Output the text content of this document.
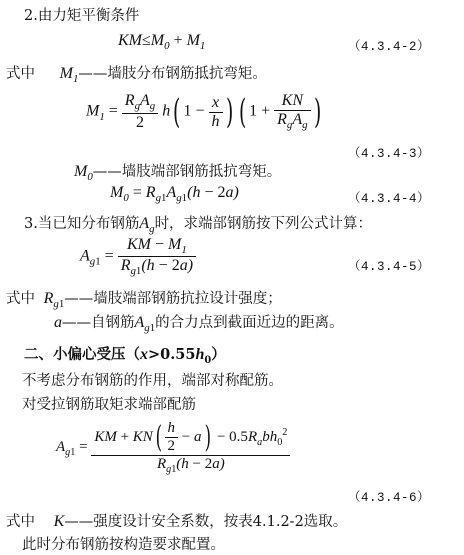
2.由力矩平衡条件
$KM\le M_0 + M_1$	（4.3.4-2）
式中 $M_1——$墙肢分布钢筋抵抗弯矩。
$M_1 = \frac{R_gA_g}{2} h$( $1 - \frac{x}{h}$ ) ( $1 + \frac{KN}{R_gA_g}$ )
（4.3.4-3）
$M_0——$墙肢端部钢筋抵抗弯矩。
$M_0 = R_{g1}A_{g1}(h - 2a)$	（4.3.4-4）
3.当已知分布钢筋$A_g$时，求端部钢筋按下列公式计算：
$A_{g1} = \frac{KM - M_1}{R_{g1}(h - 2a)}$	（4.3.4-5）
式中 $R_{g1}——$墙肢端部钢筋抗拉设计强度；
a——自钢筋$A_{g1}$的合力点到截面近边的距离。
二、小偏心受压$(x>0.55h_0)$
不考虑分布钢筋的作用，端部对称配筋。
对受拉钢筋取矩求端部配筋
$A_{g1} = \frac{KM + KN( \frac{h}{2} - a) - 0.5R_abh_0^2}{R_{g1}(h - 2a)}$
（4.3.4-6）
式中 K——强度设计安全系数，按表4.1.2-2选取。
此时分布钢筋按构造要求配置。
